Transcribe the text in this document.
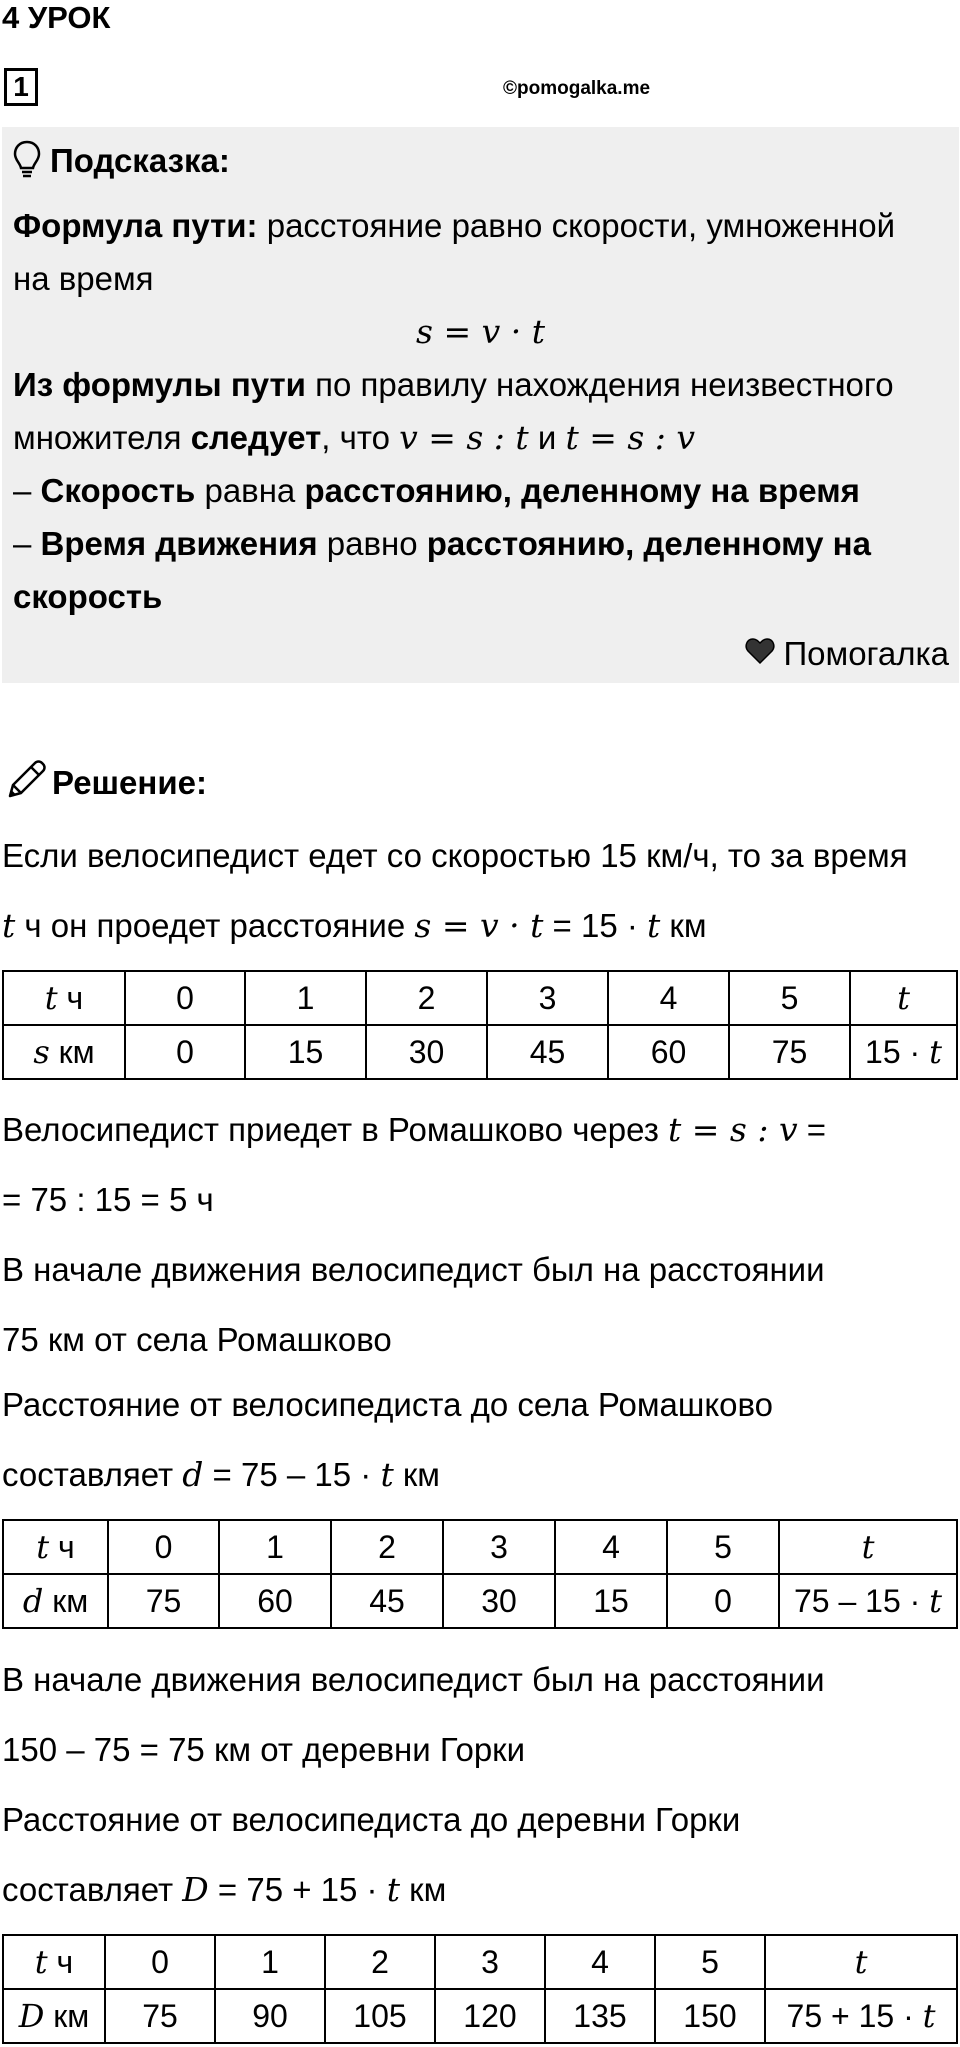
4 УРОК
1	©pomogalka.me
Подсказка:
Формула пути: расстояние равно скорости, умноженной
на время
s = v · t
Из формулы пути по правилу нахождения неизвестного
множителя следует, что v = s : t и t = s : v
– Скорость равна расстоянию, деленному на время
– Время движения равно расстоянию, деленному на
скорость
Помогалка
Решение:
Если велосипедист едет со скоростью 15 км/ч, то за время
t ч он проедет расстояние s = v · t = 15 · t км
t ч	0	1	2	3	4	5	t
s км	0	15	30	45	60	75	15 · t
Велосипедист приедет в Ромашково через t = s : v =
= 75 : 15 = 5 ч
В начале движения велосипедист был на расстоянии
75 км от села Ромашково
Расстояние от велосипедиста до села Ромашково
составляет d = 75 – 15 · t км
t ч	0	1	2	3	4	5	t
d км	75	60	45	30	15	0	75 – 15 · t
В начале движения велосипедист был на расстоянии
150 – 75 = 75 км от деревни Горки
Расстояние от велосипедиста до деревни Горки
составляет D = 75 + 15 · t км
t ч	0	1	2	3	4	5	t
D км	75	90	105	120	135	150	75 + 15 · t
